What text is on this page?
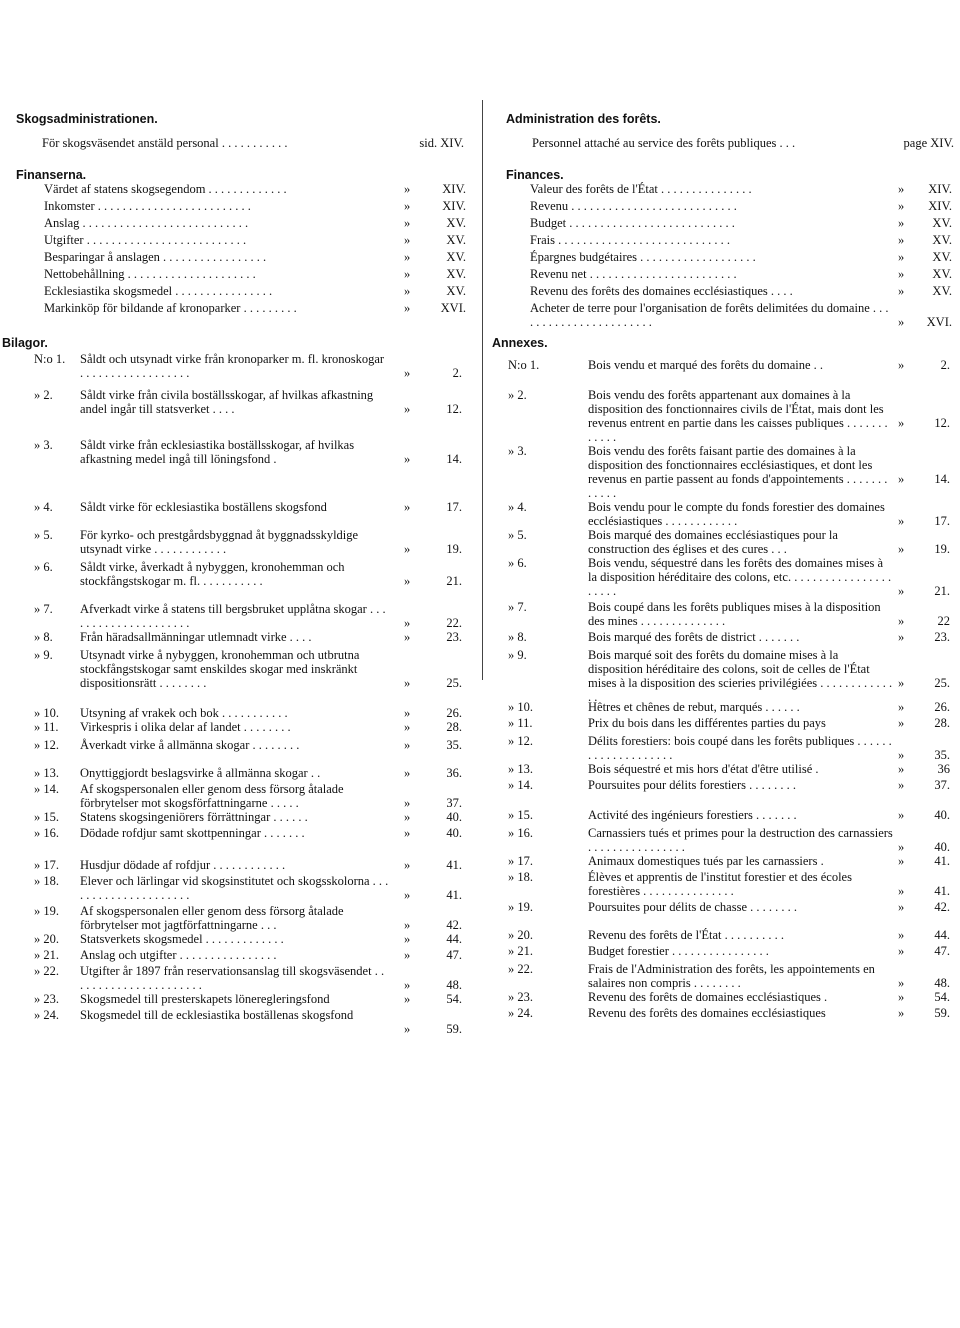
Skogsadministrationen.
För skogsväsendet anstäld personal . . . . . . . . . . .	sid. XIV.
Finanserna.
Värdet af statens skogsegendom . . . . . . . . . . . . .	»	XIV.
Inkomster . . . . . . . . . . . . . . . . . . . . . . . . .	»	XIV.
Anslag . . . . . . . . . . . . . . . . . . . . . . . . . . .	»	XV.
Utgifter . . . . . . . . . . . . . . . . . . . . . . . . . .	»	XV.
Besparingar å anslagen . . . . . . . . . . . . . . . . .	»	XV.
Nettobehållning . . . . . . . . . . . . . . . . . . . . .	»	XV.
Ecklesiastika skogsmedel . . . . . . . . . . . . . . . .	»	XV.
Markinköp för bildande af kronoparker . . . . . . . . .	»	XVI.
Bilagor.
N:o 1. Såldt och utsynadt virke från kronoparker m. fl. kronoskogar . . . . . . . . . . . . . . . . . .	»	2.
» 2. Såldt virke från civila boställsskogar, af hvilkas afkastning andel ingår till statsverket . . . .	»	12.
» 3. Såldt virke från ecklesiastika boställsskogar, af hvilkas afkastning medel ingå till löningsfond .	»	14.
» 4. Såldt virke för ecklesiastika boställens skogsfond	»	17.
» 5. För kyrko- och prestgårdsbyggnad åt byggnadsskyldige utsynadt virke . . . . . . . . . . . .	»	19.
» 6. Såldt virke, åverkadt å nybyggen, kronohemman och stockfångstskogar m. fl. . . . . . . . . . .	»	21.
» 7. Afverkadt virke å statens till bergsbruket upplåtna skogar . . . . . . . . . . . . . . . . . . . . .	»	22.
» 8. Från häradsallmänningar utlemnadt virke . . . .	»	23.
» 9. Utsynadt virke å nybyggen, kronohemman och utbrutna stockfångstskogar samt enskildes skogar med inskränkt dispositionsrätt . . . . . . . .	»	25.
» 10. Utsyning af vrakek och bok . . . . . . . . . . .	»	26.
» 11. Virkespris i olika delar af landet . . . . . . . .	»	28.
» 12. Åverkadt virke å allmänna skogar . . . . . . . .	»	35.
» 13. Onyttiggjordt beslagsvirke å allmänna skogar . .	»	36.
» 14. Af skogspersonalen eller genom dess försorg åtalade förbrytelser mot skogsförfattningarne . . . . .	»	37.
» 15. Statens skogsingeniörers förrättningar . . . . . .	»	40.
» 16. Dödade rofdjur samt skottpenningar . . . . . . .	»	40.
» 17. Husdjur dödade af rofdjur . . . . . . . . . . . .	»	41.
» 18. Elever och lärlingar vid skogsinstitutet och skogsskolorna . . . . . . . . . . . . . . . . . . . . .	»	41.
» 19. Af skogspersonalen eller genom dess försorg åtalade förbrytelser mot jagtförfattningarne . . .	»	42.
» 20. Statsverkets skogsmedel . . . . . . . . . . . . .	»	44.
» 21. Anslag och utgifter . . . . . . . . . . . . . . . .	»	47.
» 22. Utgifter år 1897 från reservationsanslag till skogsväsendet . . . . . . . . . . . . . . . . . . . . . .	»	48.
» 23. Skogsmedel till presterskapets löneregleringsfond	»	54.
» 24. Skogsmedel till de ecklesiastika boställenas skogsfond
»	59.
Administration des forêts.
Personnel attaché au service des forêts publiques . . .	page XIV.
Finances.
Valeur des forêts de l'État . . . . . . . . . . . . . . .	»	XIV.
Revenu . . . . . . . . . . . . . . . . . . . . . . . . . . .	»	XIV.
Budget . . . . . . . . . . . . . . . . . . . . . . . . . . .	»	XV.
Frais . . . . . . . . . . . . . . . . . . . . . . . . . . . .	»	XV.
Épargnes budgétaires . . . . . . . . . . . . . . . . . . .	»	XV.
Revenu net . . . . . . . . . . . . . . . . . . . . . . . .	»	XV.
Revenu des forêts des domaines ecclésiastiques . . . .	»	XV.
Acheter de terre pour l'organisation de forêts delimitées du domaine . . . . . . . . . . . . . . . . . . . . . . .	»	XVI.
Annexes.
N:o 1.	Bois vendu et marqué des forêts du domaine . .	»	2.
» 2.	Bois vendu des forêts appartenant aux domaines à la disposition des fonctionnaires civils de l'État, mais dont les revenus entrent en partie dans les caisses publiques . . . . . . . . . . . .
»	12.
» 3.	Bois vendu des forêts faisant partie des domaines à la disposition des fonctionnaires ecclésiastiques, et dont les revenus en partie passent au fonds d'appointements . . . . . . . . . . . .
»	14.
» 4.	Bois vendu pour le compte du fonds forestier des domaines ecclésiastiques . . . . . . . . . . . .	»	17.
» 5.	Bois marqué des domaines ecclésiastiques pour la construction des églises et des cures . . .	»	19.
» 6.	Bois vendu, séquestré dans les forêts des domaines mises à la disposition héréditaire des colons, etc. . . . . . . . . . . . . . . . . . . . . .	»	21.
» 7.	Bois coupé dans les forêts publiques mises à la disposition des mines . . . . . . . . . . . . . .	»	22
» 8.	Bois marqué des forêts de district . . . . . . .	»	23.
» 9.	Bois marqué soit des forêts du domaine mises à la disposition héréditaire des colons, soit de celles de l'État mises à la disposition des scieries privilégiées . . . . . . . . . . . . . .
»	25.
» 10.	Hêtres et chênes de rebut, marqués . . . . . .	»	26.
» 11.	Prix du bois dans les différentes parties du pays	»	28.
» 12.	Délits forestiers: bois coupé dans les forêts publiques . . . . . . . . . . . . . . . . . . . .	»	35.
» 13.	Bois séquestré et mis hors d'état d'être utilisé .	»	36
» 14.	Poursuites pour délits forestiers . . . . . . . .	»	37.
» 15.	Activité des ingénieurs forestiers . . . . . . .	»	40.
» 16.	Carnassiers tués et primes pour la destruction des carnassiers . . . . . . . . . . . . . . . .	»	40.
» 17.	Animaux domestiques tués par les carnassiers .	»	41.
» 18.	Élèves et apprentis de l'institut forestier et des écoles forestières . . . . . . . . . . . . . . .	»	41.
» 19.	Poursuites pour délits de chasse . . . . . . . .	»	42.
» 20.	Revenu des forêts de l'État . . . . . . . . . .	»	44.
» 21.	Budget forestier . . . . . . . . . . . . . . . .	»	47.
» 22.	Frais de l'Administration des forêts, les appointements en salaires non compris . . . . . . . .	»	48.
» 23.	Revenu des forêts de domaines ecclésiastiques .	»	54.
» 24.	Revenu des forêts des domaines ecclésiastiques	»	59.
